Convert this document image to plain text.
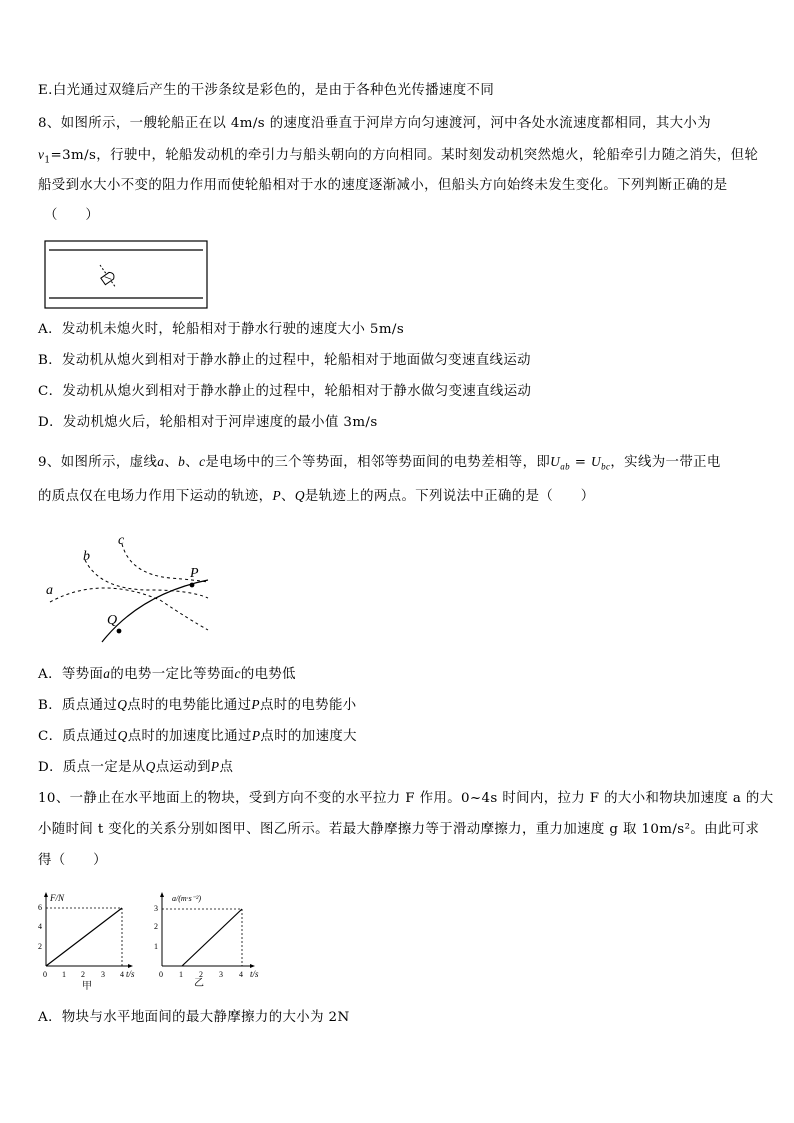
E.白光通过双缝后产生的干涉条纹是彩色的，是由于各种色光传播速度不同
8、如图所示，一艘轮船正在以 4m/s 的速度沿垂直于河岸方向匀速渡河，河中各处水流速度都相同，其大小为
$v_1=3m/s$，行驶中，轮船发动机的牵引力与船头朝向的方向相同。某时刻发动机突然熄火，轮船牵引力随之消失，但轮
船受到水大小不变的阻力作用而使轮船相对于水的速度逐渐减小，但船头方向始终未发生变化。下列判断正确的是
（　　）
A．发动机未熄火时，轮船相对于静水行驶的速度大小 5m/s
B．发动机从熄火到相对于静水静止的过程中，轮船相对于地面做匀变速直线运动
C．发动机从熄火到相对于静水静止的过程中，轮船相对于静水做匀变速直线运动
D．发动机熄火后，轮船相对于河岸速度的最小值 3m/s
9、如图所示，虚线a、b、c是电场中的三个等势面，相邻等势面间的电势差相等，即$U_{ab} = U_{bc}$，实线为一带正电
的质点仅在电场力作用下运动的轨迹，P、Q是轨迹上的两点。下列说法中正确的是（　　）
a
b
c
P
Q
A．等势面a的电势一定比等势面c的电势低
B．质点通过Q点时的电势能比通过P点时的电势能小
C．质点通过Q点时的加速度比通过P点时的加速度大
D．质点一定是从Q点运动到P点
10、一静止在水平地面上的物块，受到方向不变的水平拉力 F 作用。0~4s 时间内，拉力 F 的大小和物块加速度 a 的大
小随时间 t 变化的关系分别如图甲、图乙所示。若最大静摩擦力等于滑动摩擦力，重力加速度 g 取 10m/s²。由此可求
得（　　）
F/N
t/s
2
4
6
0 1 2 3 4
甲
a/(m·s⁻²)
t/s
1
2
3
0 1 2 3 4
乙
A．物块与水平地面间的最大静摩擦力的大小为 2N
